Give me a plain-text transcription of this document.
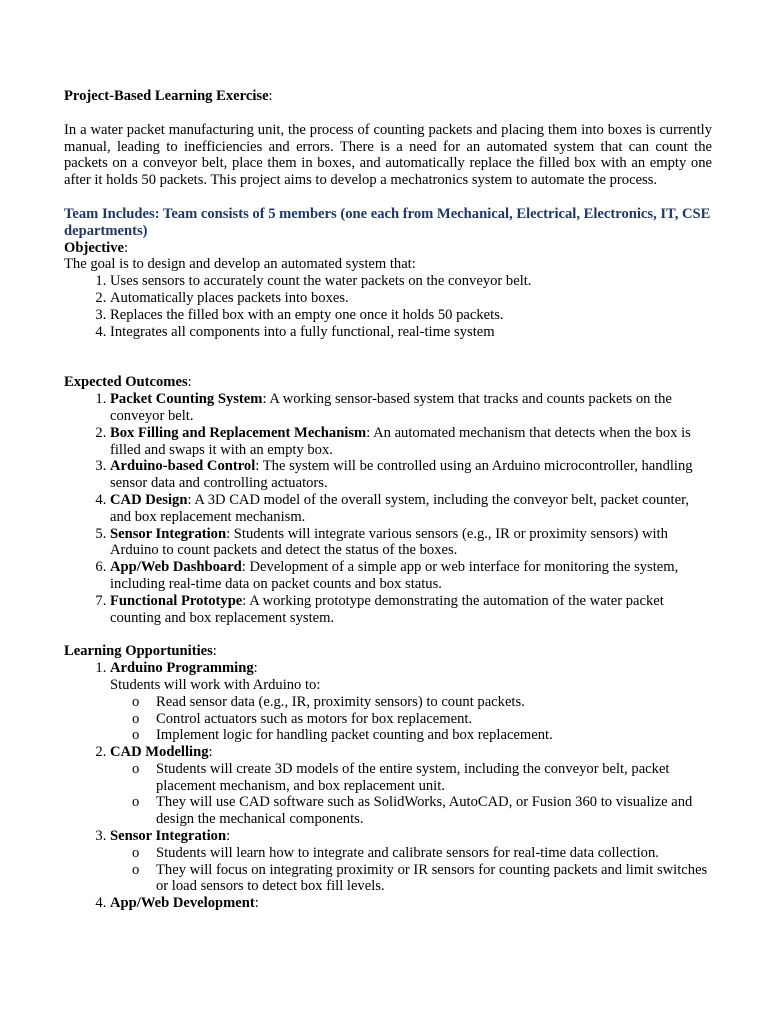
Project-Based Learning Exercise:

In a water packet manufacturing unit, the process of counting packets and placing them into boxes is currently manual, leading to inefficiencies and errors. There is a need for an automated system that can count the packets on a conveyor belt, place them in boxes, and automatically replace the filled box with an empty one after it holds 50 packets. This project aims to develop a mechatronics system to automate the process.

Team Includes: Team consists of 5 members (one each from Mechanical, Electrical, Electronics, IT, CSE departments)

Objective:

The goal is to design and develop an automated system that:

1. Uses sensors to accurately count the water packets on the conveyor belt.
2. Automatically places packets into boxes.
3. Replaces the filled box with an empty one once it holds 50 packets.
4. Integrates all components into a fully functional, real-time system

Expected Outcomes:

1. Packet Counting System: A working sensor-based system that tracks and counts packets on the conveyor belt.
2. Box Filling and Replacement Mechanism: An automated mechanism that detects when the box is filled and swaps it with an empty box.
3. Arduino-based Control: The system will be controlled using an Arduino microcontroller, handling sensor data and controlling actuators.
4. CAD Design: A 3D CAD model of the overall system, including the conveyor belt, packet counter, and box replacement mechanism.
5. Sensor Integration: Students will integrate various sensors (e.g., IR or proximity sensors) with Arduino to count packets and detect the status of the boxes.
6. App/Web Dashboard: Development of a simple app or web interface for monitoring the system, including real-time data on packet counts and box status.
7. Functional Prototype: A working prototype demonstrating the automation of the water packet counting and box replacement system.

Learning Opportunities:

1. Arduino Programming:
Students will work with Arduino to:
o Read sensor data (e.g., IR, proximity sensors) to count packets.
o Control actuators such as motors for box replacement.
o Implement logic for handling packet counting and box replacement.
2. CAD Modelling:
o Students will create 3D models of the entire system, including the conveyor belt, packet placement mechanism, and box replacement unit.
o They will use CAD software such as SolidWorks, AutoCAD, or Fusion 360 to visualize and design the mechanical components.
3. Sensor Integration:
o Students will learn how to integrate and calibrate sensors for real-time data collection.
o They will focus on integrating proximity or IR sensors for counting packets and limit switches or load sensors to detect box fill levels.
4. App/Web Development:
